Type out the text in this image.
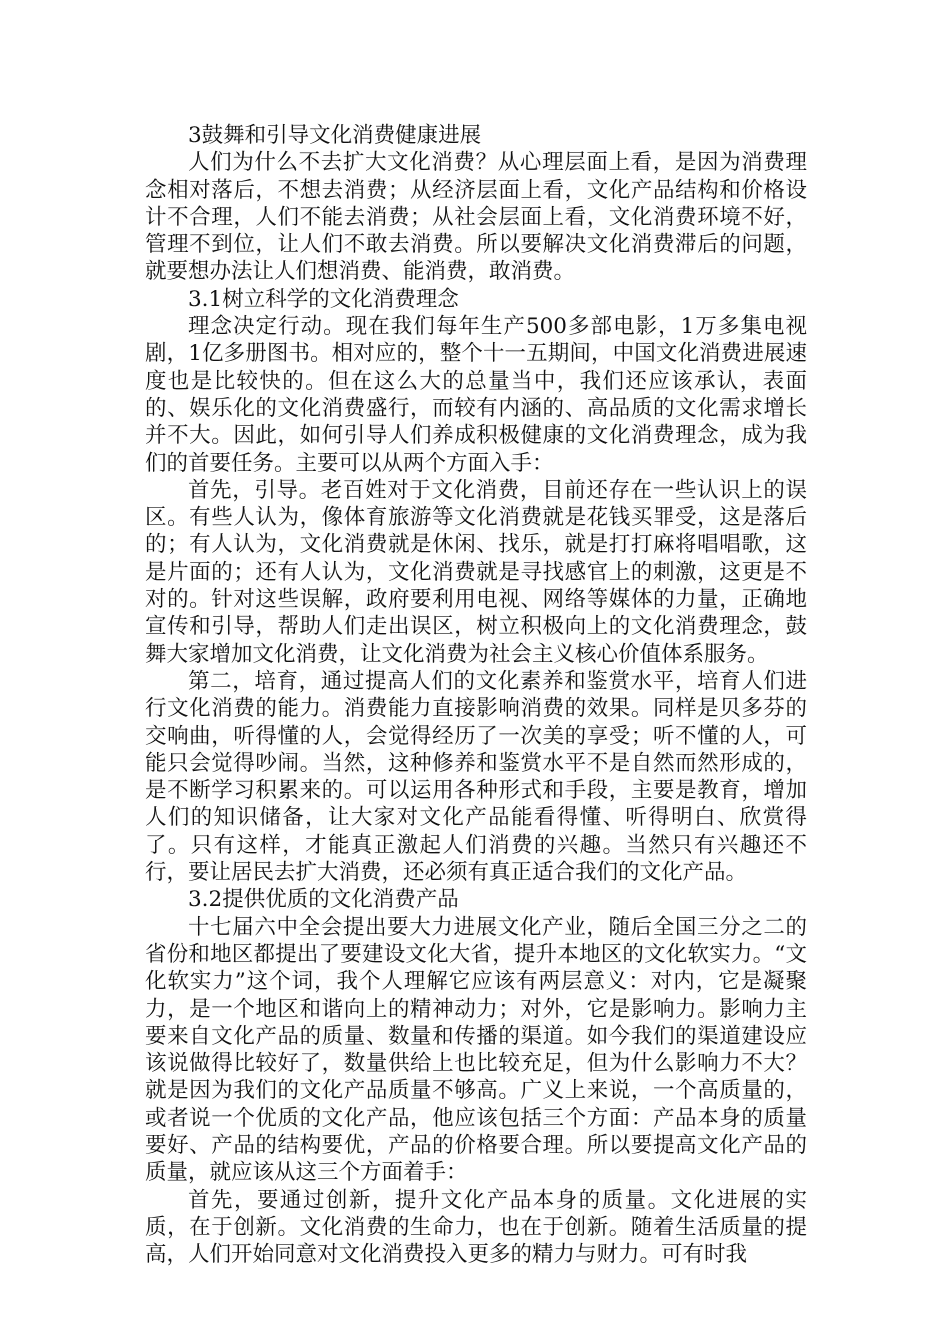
3鼓舞和引导文化消费健康进展

人们为什么不去扩大文化消费？从心理层面上看，是因为消费理念相对落后，不想去消费；从经济层面上看，文化产品结构和价格设计不合理，人们不能去消费；从社会层面上看，文化消费环境不好，管理不到位，让人们不敢去消费。所以要解决文化消费滞后的问题，就要想办法让人们想消费、能消费，敢消费。

3.1树立科学的文化消费理念

理念决定行动。现在我们每年生产500多部电影，1万多集电视剧，1亿多册图书。相对应的，整个十一五期间，中国文化消费进展速度也是比较快的。但在这么大的总量当中，我们还应该承认，表面的、娱乐化的文化消费盛行，而较有内涵的、高品质的文化需求增长并不大。因此，如何引导人们养成积极健康的文化消费理念，成为我们的首要任务。主要可以从两个方面入手：

首先，引导。老百姓对于文化消费，目前还存在一些认识上的误区。有些人认为，像体育旅游等文化消费就是花钱买罪受，这是落后的；有人认为，文化消费就是休闲、找乐，就是打打麻将唱唱歌，这是片面的；还有人认为，文化消费就是寻找感官上的刺激，这更是不对的。针对这些误解，政府要利用电视、网络等媒体的力量，正确地宣传和引导，帮助人们走出误区，树立积极向上的文化消费理念，鼓舞大家增加文化消费，让文化消费为社会主义核心价值体系服务。

第二，培育，通过提高人们的文化素养和鉴赏水平，培育人们进行文化消费的能力。消费能力直接影响消费的效果。同样是贝多芬的交响曲，听得懂的人，会觉得经历了一次美的享受；听不懂的人，可能只会觉得吵闹。当然，这种修养和鉴赏水平不是自然而然形成的，是不断学习积累来的。可以运用各种形式和手段，主要是教育，增加人们的知识储备，让大家对文化产品能看得懂、听得明白、欣赏得了。只有这样，才能真正激起人们消费的兴趣。当然只有兴趣还不行，要让居民去扩大消费，还必须有真正适合我们的文化产品。

3.2提供优质的文化消费产品

十七届六中全会提出要大力进展文化产业，随后全国三分之二的省份和地区都提出了要建设文化大省，提升本地区的文化软实力。“文化软实力”这个词，我个人理解它应该有两层意义：对内，它是凝聚力，是一个地区和谐向上的精神动力；对外，它是影响力。影响力主要来自文化产品的质量、数量和传播的渠道。如今我们的渠道建设应该说做得比较好了，数量供给上也比较充足，但为什么影响力不大？就是因为我们的文化产品质量不够高。广义上来说，一个高质量的，或者说一个优质的文化产品，他应该包括三个方面：产品本身的质量要好、产品的结构要优，产品的价格要合理。所以要提高文化产品的质量，就应该从这三个方面着手：

首先，要通过创新，提升文化产品本身的质量。文化进展的实质，在于创新。文化消费的生命力，也在于创新。随着生活质量的提高，人们开始同意对文化消费投入更多的精力与财力。可有时我
